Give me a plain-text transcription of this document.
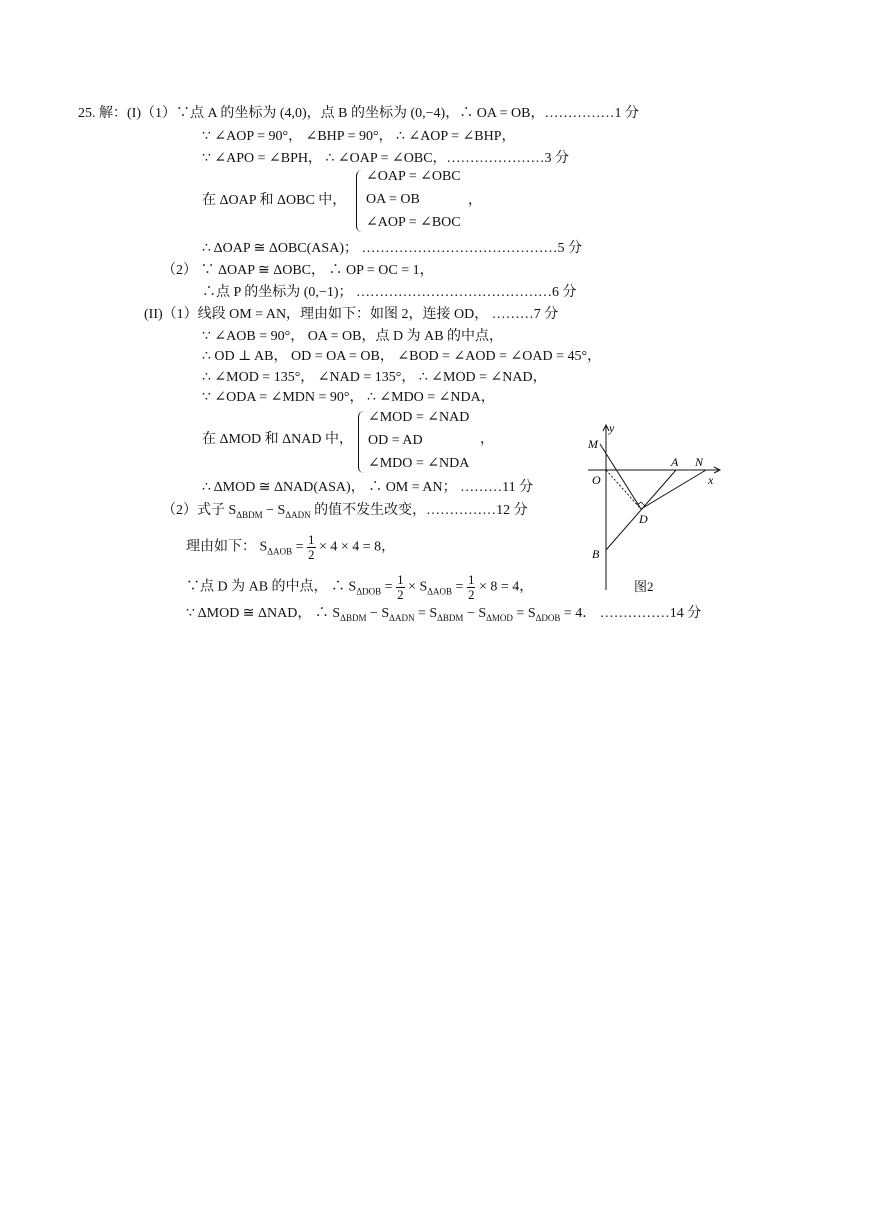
25. 解：(I)（1）∵点 A 的坐标为 (4,0)，点 B 的坐标为 (0,−4)，∴ OA = OB，……………1 分
∵ ∠AOP = 90°， ∠BHP = 90°， ∴ ∠AOP = ∠BHP，
∵ ∠APO = ∠BPH， ∴ ∠OAP = ∠OBC，…………………3 分
在 ΔOAP 和 ΔOBC 中，
∠OAP = ∠OBC
OA = OB
∠AOP = ∠BOC
，
∴ ΔOAP ≅ ΔOBC(ASA)； ……………………………………5 分
（2） ∵ ΔOAP ≅ ΔOBC， ∴ OP = OC = 1，
∴点 P 的坐标为 (0,−1)； ……………………………………6 分
(II)（1）线段 OM = AN，理由如下：如图 2，连接 OD， ………7 分
∵ ∠AOB = 90°， OA = OB，点 D 为 AB 的中点，
∴ OD ⊥ AB， OD = OA = OB， ∠BOD = ∠AOD = ∠OAD = 45°，
∴ ∠MOD = 135°， ∠NAD = 135°， ∴ ∠MOD = ∠NAD，
∵ ∠ODA = ∠MDN = 90°， ∴ ∠MDO = ∠NDA，
在 ΔMOD 和 ΔNAD 中，
∠MOD = ∠NAD
OD = AD
∠MDO = ∠NDA
，
∴ ΔMOD ≅ ΔNAD(ASA)， ∴ OM = AN； ………11 分
（2）式子 $S_{\Delta BDM} - S_{\Delta ADN}$ 的值不发生改变，……………12 分
理由如下： $S_{\Delta AOB} = \frac{1}{2} \times 4 \times 4 = 8$，
∵点 D 为 AB 的中点， ∴ $S_{\Delta DOB} = \frac{1}{2} \times S_{\Delta AOB} = \frac{1}{2} \times 8 = 4$，
∵ ΔMOD ≅ ΔNAD， ∴ $S_{\Delta BDM} - S_{\Delta ADN} = S_{\Delta BDM} - S_{\Delta MOD} = S_{\Delta DOB} = 4$． ……………14 分
y
M
O
A N
x
D
B
图2
